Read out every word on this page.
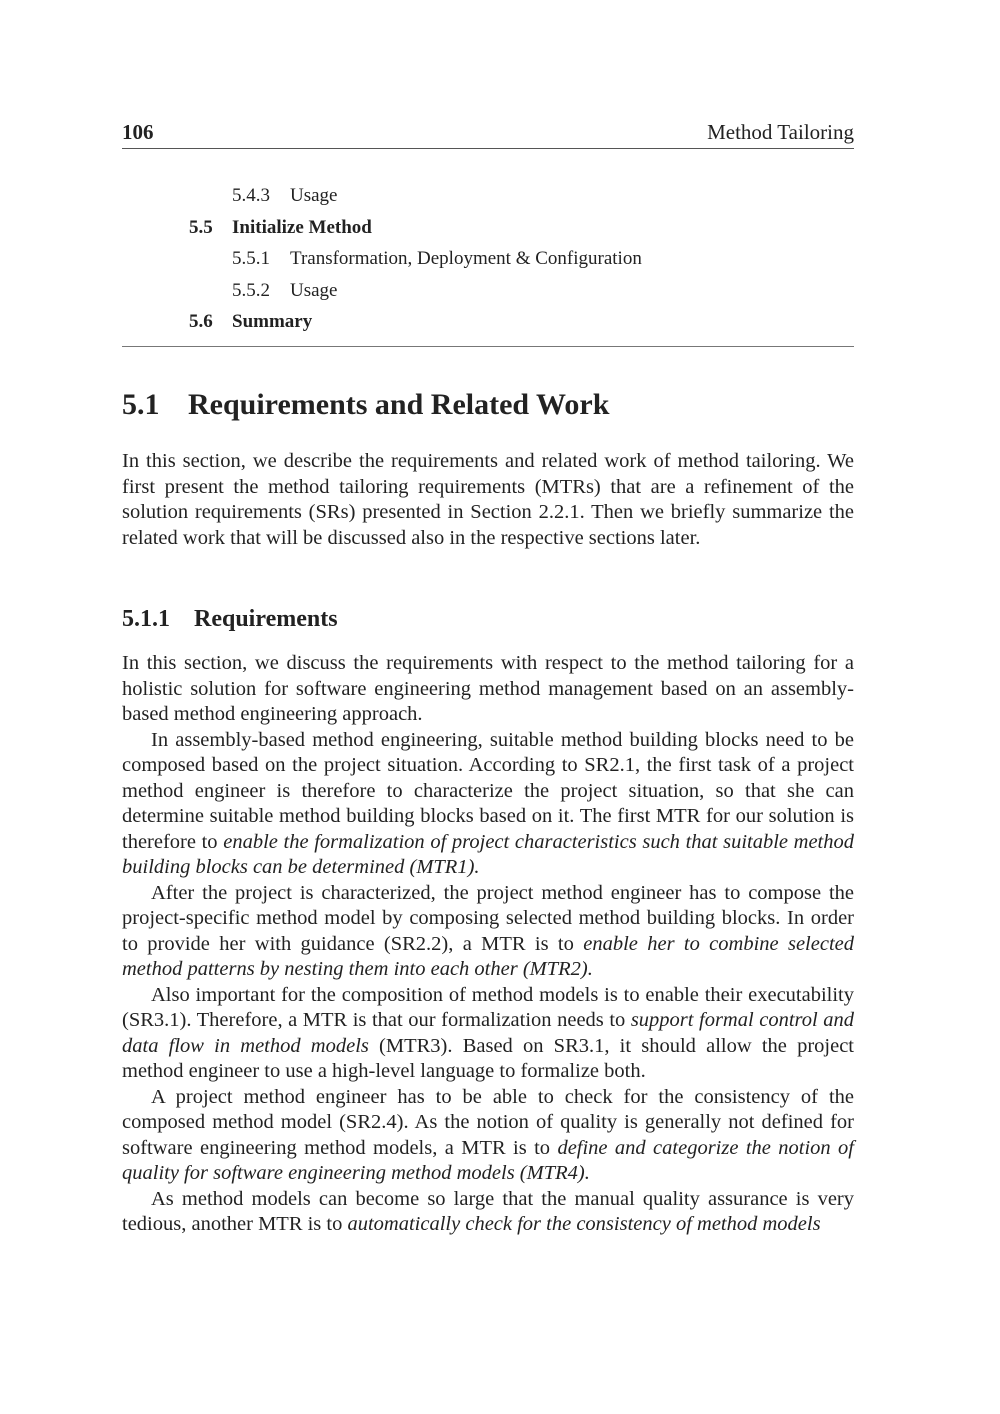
106	Method Tailoring
5.4.3 Usage
5.5 Initialize Method
5.5.1 Transformation, Deployment & Configuration
5.5.2 Usage
5.6 Summary
5.1 Requirements and Related Work

In this section, we describe the requirements and related work of method tailoring. We first present the method tailoring requirements (MTRs) that are a refinement of the solution requirements (SRs) presented in Section 2.2.1. Then we briefly summarize the related work that will be discussed also in the respective sections later.

5.1.1 Requirements

In this section, we discuss the requirements with respect to the method tailoring for a holistic solution for software engineering method management based on an assembly-based method engineering approach.

In assembly-based method engineering, suitable method building blocks need to be composed based on the project situation. According to SR2.1, the first task of a project method engineer is therefore to characterize the project situation, so that she can determine suitable method building blocks based on it. The first MTR for our solution is therefore to enable the formalization of project characteristics such that suitable method building blocks can be determined (MTR1).

After the project is characterized, the project method engineer has to compose the project-specific method model by composing selected method building blocks. In order to provide her with guidance (SR2.2), a MTR is to enable her to combine selected method patterns by nesting them into each other (MTR2).

Also important for the composition of method models is to enable their executability (SR3.1). Therefore, a MTR is that our formalization needs to support formal control and data flow in method models (MTR3). Based on SR3.1, it should allow the project method engineer to use a high-level language to formalize both.

A project method engineer has to be able to check for the consistency of the composed method model (SR2.4). As the notion of quality is generally not defined for software engineering method models, a MTR is to define and categorize the notion of quality for software engineering method models (MTR4).

As method models can become so large that the manual quality assurance is very tedious, another MTR is to automatically check for the consistency of method models
